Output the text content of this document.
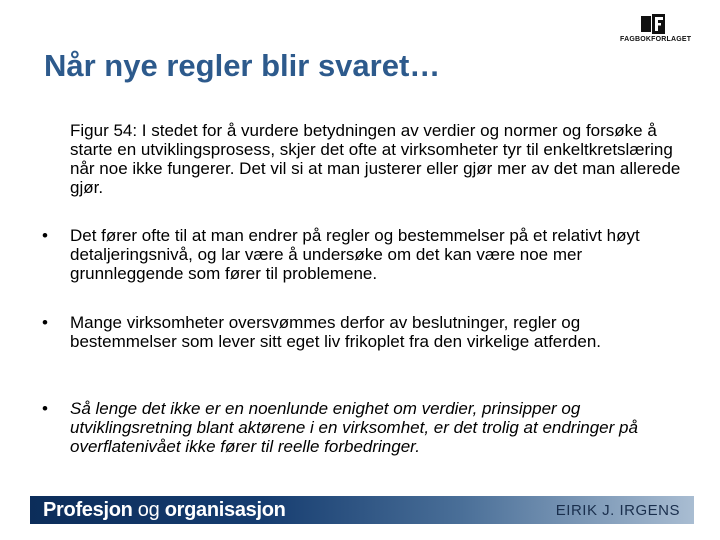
FAGBOKFORLAGET
Når nye regler blir svaret…

Figur 54: I stedet for å vurdere betydningen av verdier og normer og forsøke å starte en utviklingsprosess, skjer det ofte at virksomheter tyr til enkeltkretslæring når noe ikke fungerer. Det vil si at man justerer eller gjør mer av det man allerede gjør.

• Det fører ofte til at man endrer på regler og bestemmelser på et relativt høyt detaljeringsnivå, og lar være å undersøke om det kan være noe mer grunnleggende som fører til problemene.

• Mange virksomheter oversvømmes derfor av beslutninger, regler og bestemmelser som lever sitt eget liv frikoplet fra den virkelige atferden.

• Så lenge det ikke er en noenlunde enighet om verdier, prinsipper og utviklingsretning blant aktørene i en virksomhet, er det trolig at endringer på overflatenivået ikke fører til reelle forbedringer.

Profesjon og organisasjon	EIRIK J. IRGENS
